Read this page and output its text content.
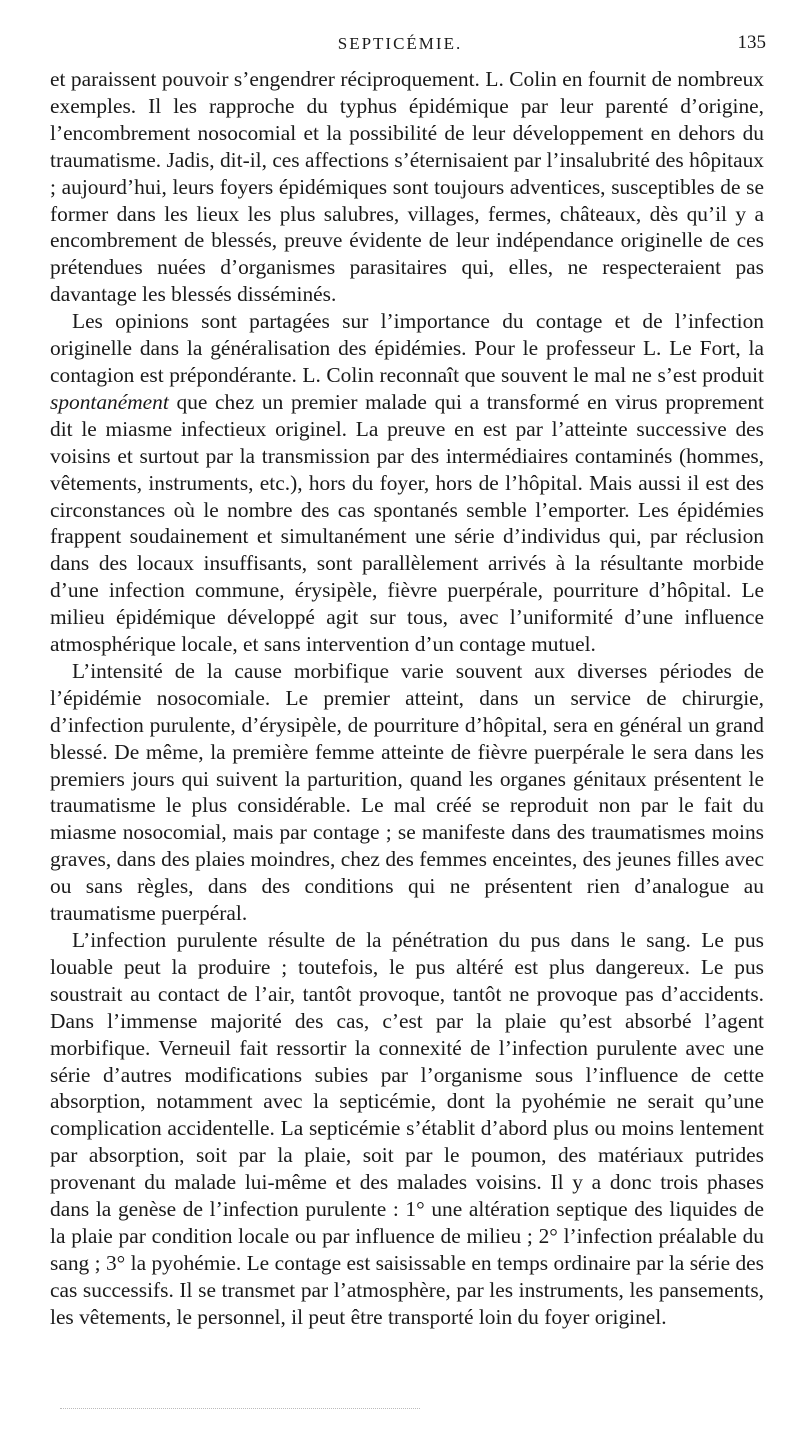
SEPTICÉMIE.	135

et paraissent pouvoir s’engendrer réciproquement. L. Colin en fournit de nombreux exemples. Il les rapproche du typhus épidémique par leur parenté d’origine, l’encombrement nosocomial et la possibilité de leur développement en dehors du traumatisme. Jadis, dit-il, ces affections s’éternisaient par l’insalubrité des hôpitaux ; aujourd’hui, leurs foyers épidémiques sont toujours adventices, susceptibles de se former dans les lieux les plus salubres, villages, fermes, châteaux, dès qu’il y a encombrement de blessés, preuve évidente de leur indépendance originelle de ces prétendues nuées d’organismes parasitaires qui, elles, ne respecteraient pas davantage les blessés disséminés.

Les opinions sont partagées sur l’importance du contage et de l’infection originelle dans la généralisation des épidémies. Pour le professeur L. Le Fort, la contagion est prépondérante. L. Colin reconnaît que souvent le mal ne s’est produit spontanément que chez un premier malade qui a transformé en virus proprement dit le miasme infectieux originel. La preuve en est par l’atteinte successive des voisins et surtout par la transmission par des intermédiaires contaminés (hommes, vêtements, instruments, etc.), hors du foyer, hors de l’hôpital. Mais aussi il est des circonstances où le nombre des cas spontanés semble l’emporter. Les épidémies frappent soudainement et simultanément une série d’individus qui, par réclusion dans des locaux insuffisants, sont parallèlement arrivés à la résultante morbide d’une infection commune, érysipèle, fièvre puerpérale, pourriture d’hôpital. Le milieu épidémique développé agit sur tous, avec l’uniformité d’une influence atmosphérique locale, et sans intervention d’un contage mutuel.

L’intensité de la cause morbifique varie souvent aux diverses périodes de l’épidémie nosocomiale. Le premier atteint, dans un service de chirurgie, d’infection purulente, d’érysipèle, de pourriture d’hôpital, sera en général un grand blessé. De même, la première femme atteinte de fièvre puerpérale le sera dans les premiers jours qui suivent la parturition, quand les organes génitaux présentent le traumatisme le plus considérable. Le mal créé se reproduit non par le fait du miasme nosocomial, mais par contage ; se manifeste dans des traumatismes moins graves, dans des plaies moindres, chez des femmes enceintes, des jeunes filles avec ou sans règles, dans des conditions qui ne présentent rien d’analogue au traumatisme puerpéral.

L’infection purulente résulte de la pénétration du pus dans le sang. Le pus louable peut la produire ; toutefois, le pus altéré est plus dangereux. Le pus soustrait au contact de l’air, tantôt provoque, tantôt ne provoque pas d’accidents. Dans l’immense majorité des cas, c’est par la plaie qu’est absorbé l’agent morbifique. Verneuil fait ressortir la connexité de l’infection purulente avec une série d’autres modifications subies par l’organisme sous l’influence de cette absorption, notamment avec la septicémie, dont la pyohémie ne serait qu’une complication accidentelle. La septicémie s’établit d’abord plus ou moins lentement par absorption, soit par la plaie, soit par le poumon, des matériaux putrides provenant du malade lui-même et des malades voisins. Il y a donc trois phases dans la genèse de l’infection purulente : 1° une altération septique des liquides de la plaie par condition locale ou par influence de milieu ; 2° l’infection préalable du sang ; 3° la pyohémie. Le contage est saisissable en temps ordinaire par la série des cas successifs. Il se transmet par l’atmosphère, par les instruments, les pansements, les vêtements, le personnel, il peut être transporté loin du foyer originel.
